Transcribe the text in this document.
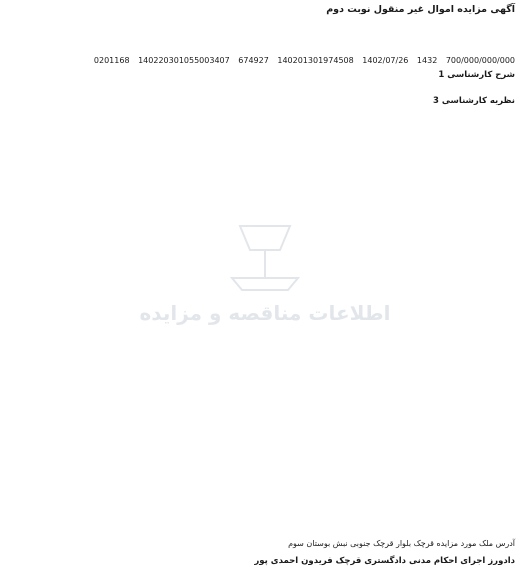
آگهی مزایده اموال غیر منقول نوبت دوم
0201168 140220301055003407 674927 140201301974508 1402/07/26 1432 700/000/000/000
شرح کارشناسی 1
نظریه کارشناسی 3
آدرس ملک مورد مزایده قرچک بلوار قرچک جنوبی نبش بوستان سوم
دادورز اجرای احکام مدنی دادگستری قرچک فریدون احمدی پور
اطلاعات مناقصه و مزایده
